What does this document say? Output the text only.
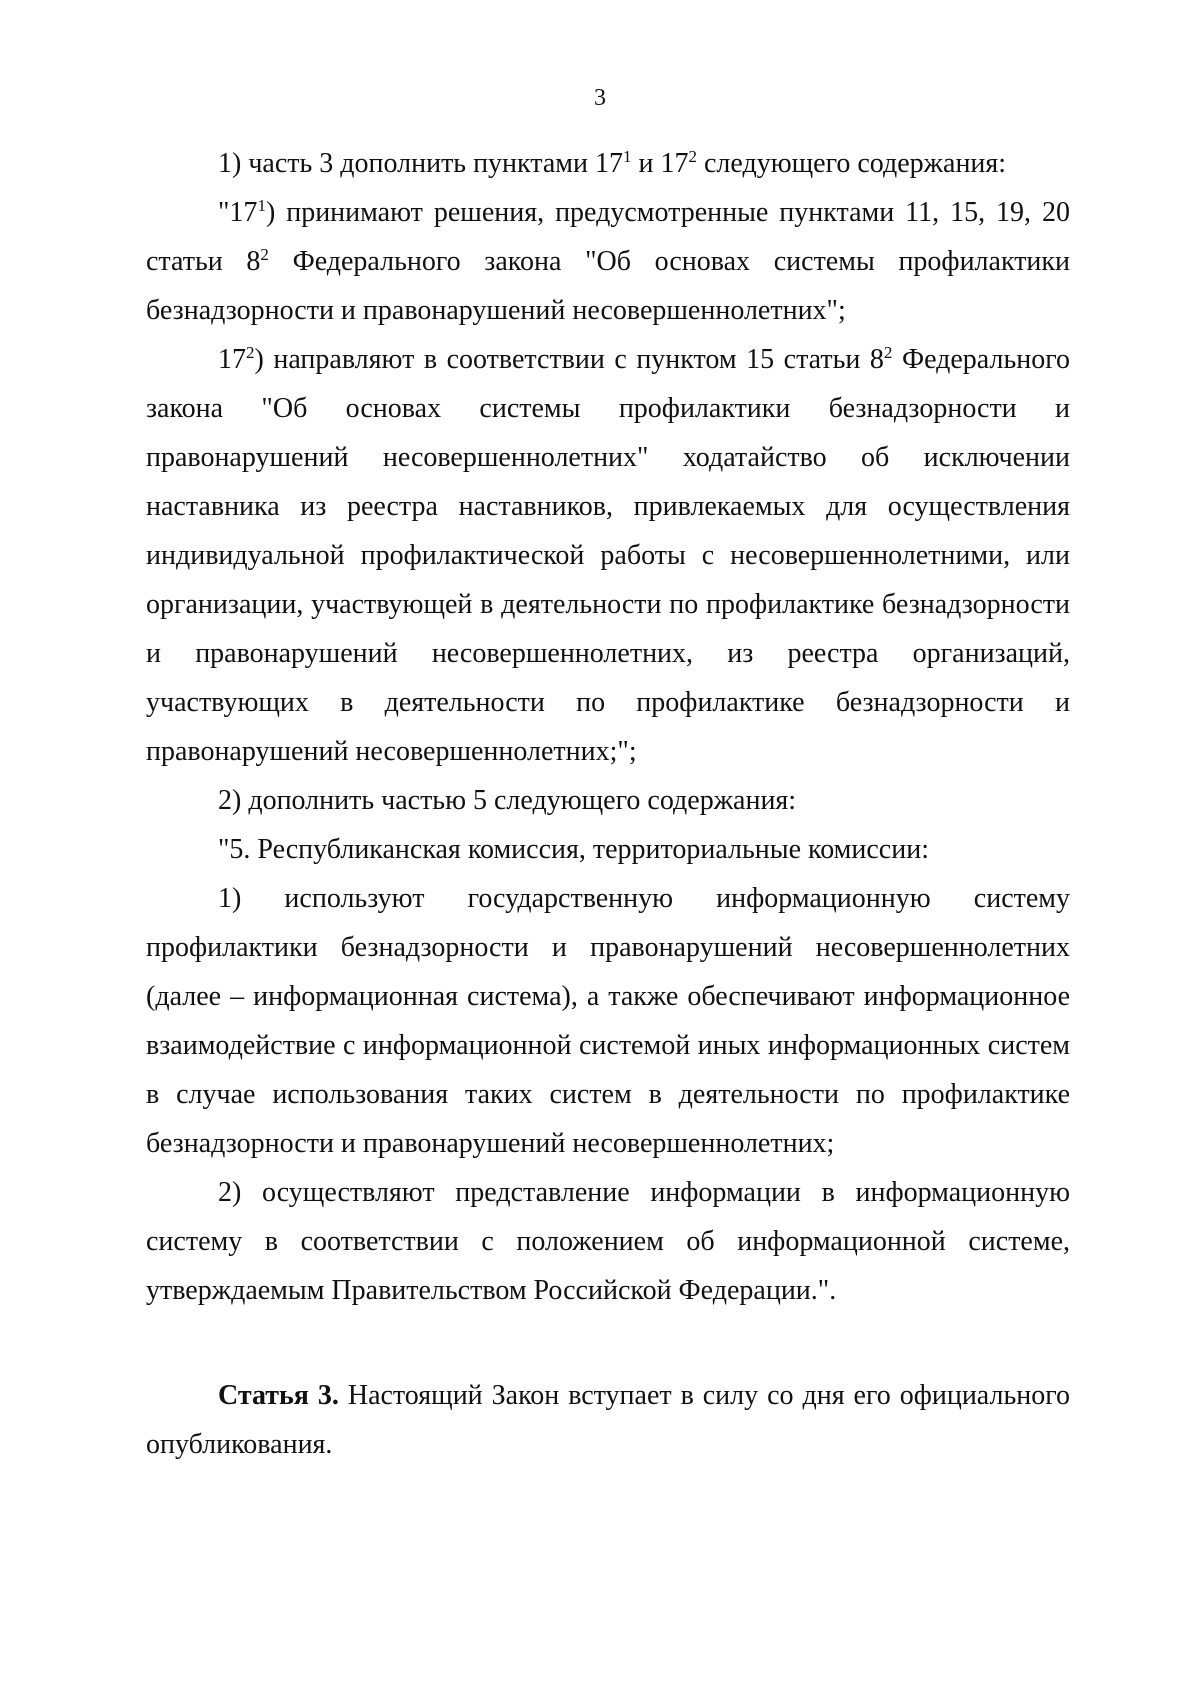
3

1) часть 3 дополнить пунктами $17^1$ и $17^2$ следующего содержания:

"$17^1$) принимают решения, предусмотренные пунктами 11, 15, 19, 20 статьи $8^2$ Федерального закона "Об основах системы профилактики безнадзорности и правонарушений несовершеннолетних";

$17^2$) направляют в соответствии с пунктом 15 статьи $8^2$ Федерального закона "Об основах системы профилактики безнадзорности и правонарушений несовершеннолетних" ходатайство об исключении наставника из реестра наставников, привлекаемых для осуществления индивидуальной профилактической работы с несовершеннолетними, или организации, участвующей в деятельности по профилактике безнадзорности и правонарушений несовершеннолетних, из реестра организаций, участвующих в деятельности по профилактике безнадзорности и правонарушений несовершеннолетних;";

2) дополнить частью 5 следующего содержания:

"5. Республиканская комиссия, территориальные комиссии:

1) используют государственную информационную систему профилактики безнадзорности и правонарушений несовершеннолетних (далее – информационная система), а также обеспечивают информационное взаимодействие с информационной системой иных информационных систем в случае использования таких систем в деятельности по профилактике безнадзорности и правонарушений несовершеннолетних;

2) осуществляют представление информации в информационную систему в соответствии с положением об информационной системе, утверждаемым Правительством Российской Федерации.".

Статья 3. Настоящий Закон вступает в силу со дня его официального опубликования.
